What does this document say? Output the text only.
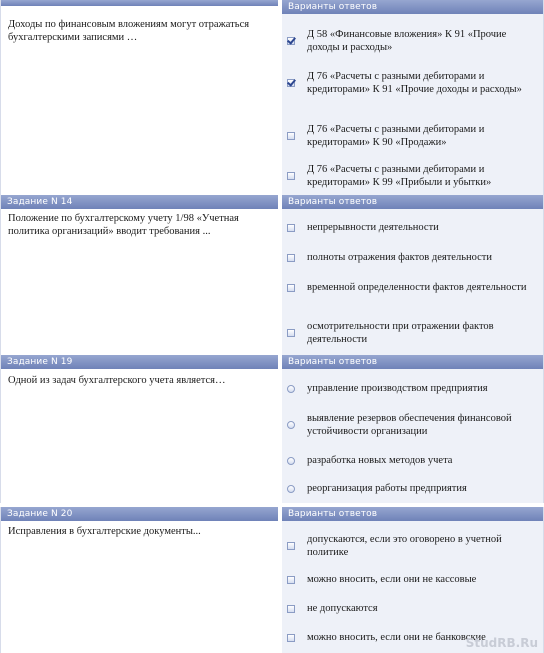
Доходы по финансовым вложениям могут отражаться бухгалтерскими записями …
Варианты ответов
Д 58 «Финансовые вложения» К 91 «Прочие доходы и расходы»
Д 76 «Расчеты с разными дебиторами и кредиторами» К 91 «Прочие доходы и расходы»
Д 76 «Расчеты с разными дебиторами и кредиторами» К 90 «Продажи»
Д 76 «Расчеты с разными дебиторами и кредиторами» К 99 «Прибыли и убытки»
Задание N 14
Положение по бухгалтерскому учету 1/98 «Учетная политика организаций» вводит требования ...
Варианты ответов
непрерывности деятельности
полноты отражения фактов деятельности
временной определенности фактов деятельности
осмотрительности при отражении фактов деятельности
Задание N 19
Одной из задач бухгалтерского учета является…
Варианты ответов
управление производством предприятия
выявление резервов обеспечения финансовой устойчивости организации
разработка новых методов учета
реорганизация работы предприятия
Задание N 20
Исправления в бухгалтерские документы...
Варианты ответов
допускаются, если это оговорено в учетной политике
можно вносить, если они не кассовые
не допускаются
можно вносить, если они не банковские
StudRB.Ru
